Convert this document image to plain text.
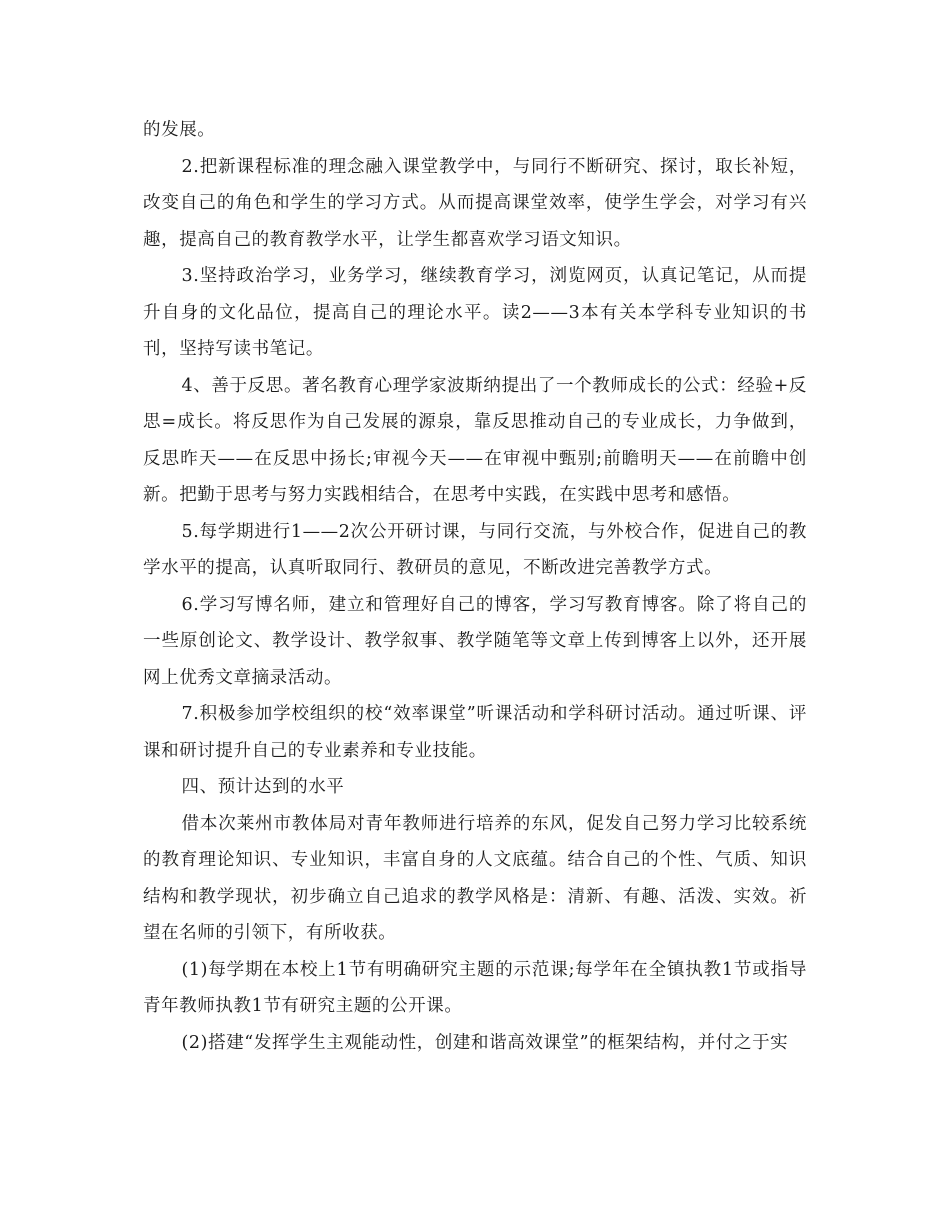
的发展。

2.把新课程标准的理念融入课堂教学中，与同行不断研究、探讨，取长补短，改变自己的角色和学生的学习方式。从而提高课堂效率，使学生学会，对学习有兴趣，提高自己的教育教学水平，让学生都喜欢学习语文知识。

3.坚持政治学习，业务学习，继续教育学习，浏览网页，认真记笔记，从而提升自身的文化品位，提高自己的理论水平。读2——3本有关本学科专业知识的书刊，坚持写读书笔记。

4、善于反思。著名教育心理学家波斯纳提出了一个教师成长的公式：经验+反思=成长。将反思作为自己发展的源泉，靠反思推动自己的专业成长，力争做到，反思昨天——在反思中扬长;审视今天——在审视中甄别;前瞻明天——在前瞻中创新。把勤于思考与努力实践相结合，在思考中实践，在实践中思考和感悟。

5.每学期进行1——2次公开研讨课，与同行交流，与外校合作，促进自己的教学水平的提高，认真听取同行、教研员的意见，不断改进完善教学方式。

6.学习写博名师，建立和管理好自己的博客，学习写教育博客。除了将自己的一些原创论文、教学设计、教学叙事、教学随笔等文章上传到博客上以外，还开展网上优秀文章摘录活动。

7.积极参加学校组织的校“效率课堂”听课活动和学科研讨活动。通过听课、评课和研讨提升自己的专业素养和专业技能。

四、预计达到的水平

借本次莱州市教体局对青年教师进行培养的东风，促发自己努力学习比较系统的教育理论知识、专业知识，丰富自身的人文底蕴。结合自己的个性、气质、知识结构和教学现状，初步确立自己追求的教学风格是：清新、有趣、活泼、实效。祈望在名师的引领下，有所收获。

(1)每学期在本校上1节有明确研究主题的示范课;每学年在全镇执教1节或指导青年教师执教1节有研究主题的公开课。

(2)搭建“发挥学生主观能动性，创建和谐高效课堂”的框架结构，并付之于实
